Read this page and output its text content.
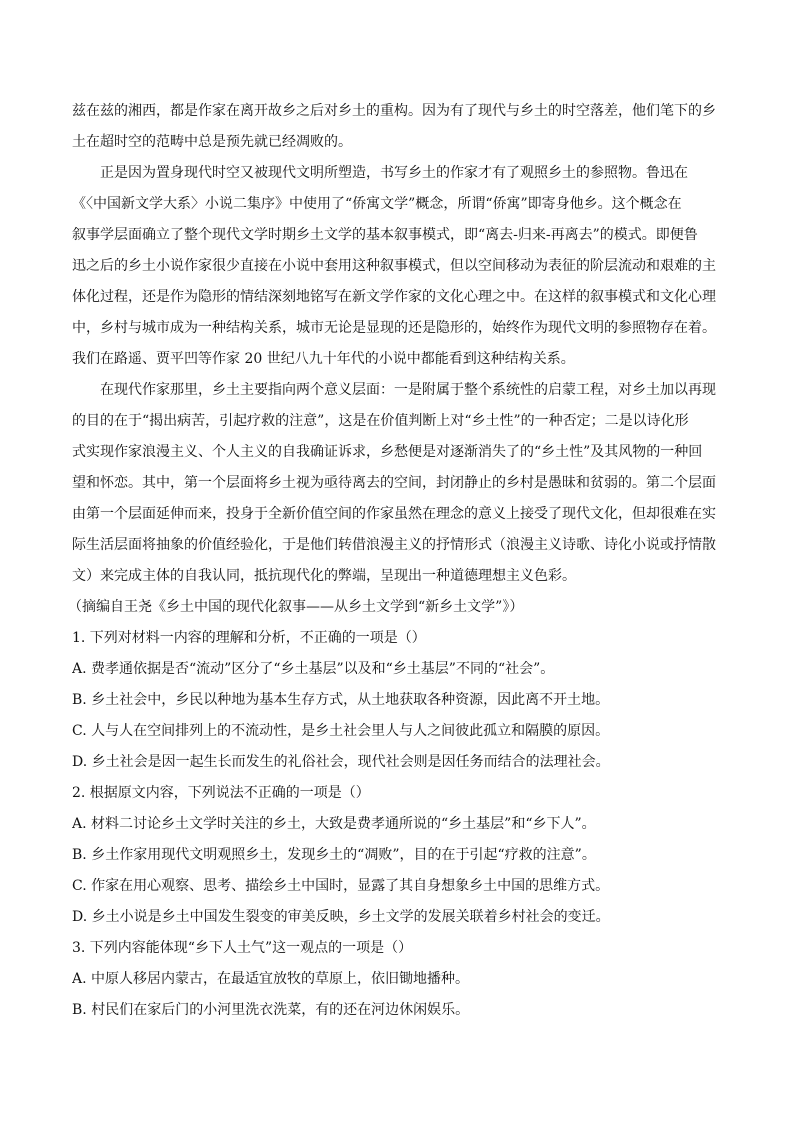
兹在兹的湘西，都是作家在离开故乡之后对乡土的重构。因为有了现代与乡土的时空落差，他们笔下的乡
土在超时空的范畴中总是预先就已经凋败的。
正是因为置身现代时空又被现代文明所塑造，书写乡土的作家才有了观照乡土的参照物。鲁迅在
《〈中国新文学大系〉小说二集序》中使用了“侨寓文学”概念，所谓“侨寓”即寄身他乡。这个概念在
叙事学层面确立了整个现代文学时期乡土文学的基本叙事模式，即“离去-归来-再离去”的模式。即便鲁
迅之后的乡土小说作家很少直接在小说中套用这种叙事模式，但以空间移动为表征的阶层流动和艰难的主
体化过程，还是作为隐形的情结深刻地铭写在新文学作家的文化心理之中。在这样的叙事模式和文化心理
中，乡村与城市成为一种结构关系，城市无论是显现的还是隐形的，始终作为现代文明的参照物存在着。
我们在路遥、贾平凹等作家 20 世纪八九十年代的小说中都能看到这种结构关系。
在现代作家那里，乡土主要指向两个意义层面：一是附属于整个系统性的启蒙工程，对乡土加以再现
的目的在于“揭出病苦，引起疗救的注意”，这是在价值判断上对“乡土性”的一种否定；二是以诗化形
式实现作家浪漫主义、个人主义的自我确证诉求，乡愁便是对逐渐消失了的“乡土性”及其风物的一种回
望和怀恋。其中，第一个层面将乡土视为亟待离去的空间，封闭静止的乡村是愚昧和贫弱的。第二个层面
由第一个层面延伸而来，投身于全新价值空间的作家虽然在理念的意义上接受了现代文化，但却很难在实
际生活层面将抽象的价值经验化，于是他们转借浪漫主义的抒情形式（浪漫主义诗歌、诗化小说或抒情散
文）来完成主体的自我认同，抵抗现代化的弊端，呈现出一种道德理想主义色彩。
（摘编自王尧《乡土中国的现代化叙事——从乡土文学到“新乡土文学”》）
1. 下列对材料一内容的理解和分析，不正确的一项是（）
A. 费孝通依据是否“流动”区分了“乡土基层”以及和“乡土基层”不同的“社会”。
B. 乡土社会中，乡民以种地为基本生存方式，从土地获取各种资源，因此离不开土地。
C. 人与人在空间排列上的不流动性，是乡土社会里人与人之间彼此孤立和隔膜的原因。
D. 乡土社会是因一起生长而发生的礼俗社会，现代社会则是因任务而结合的法理社会。
2. 根据原文内容，下列说法不正确的一项是（）
A. 材料二讨论乡土文学时关注的乡土，大致是费孝通所说的“乡土基层”和“乡下人”。
B. 乡土作家用现代文明观照乡土，发现乡土的“凋败”，目的在于引起“疗救的注意”。
C. 作家在用心观察、思考、描绘乡土中国时，显露了其自身想象乡土中国的思维方式。
D. 乡土小说是乡土中国发生裂变的审美反映，乡土文学的发展关联着乡村社会的变迁。
3. 下列内容能体现“乡下人土气”这一观点的一项是（）
A. 中原人移居内蒙古，在最适宜放牧的草原上，依旧锄地播种。
B. 村民们在家后门的小河里洗衣洗菜，有的还在河边休闲娱乐。
